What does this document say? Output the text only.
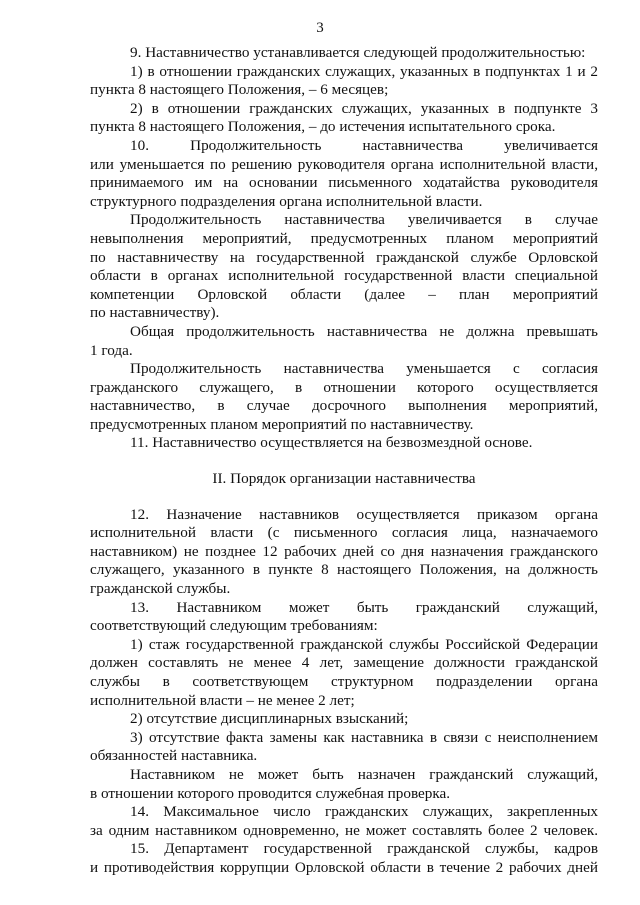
3
9. Наставничество устанавливается следующей продолжительностью:
1) в отношении гражданских служащих, указанных в подпунктах 1 и 2
пункта 8 настоящего Положения, – 6 месяцев;
2) в отношении гражданских служащих, указанных в подпункте 3
пункта 8 настоящего Положения, – до истечения испытательного срока.
10. Продолжительность наставничества увеличивается
или уменьшается по решению руководителя органа исполнительной власти,
принимаемого им на основании письменного ходатайства руководителя
структурного подразделения органа исполнительной власти.
Продолжительность наставничества увеличивается в случае
невыполнения мероприятий, предусмотренных планом мероприятий
по наставничеству на государственной гражданской службе Орловской
области в органах исполнительной государственной власти специальной
компетенции Орловской области (далее – план мероприятий
по наставничеству).
Общая продолжительность наставничества не должна превышать
1 года.
Продолжительность наставничества уменьшается с согласия
гражданского служащего, в отношении которого осуществляется
наставничество, в случае досрочного выполнения мероприятий,
предусмотренных планом мероприятий по наставничеству.
11. Наставничество осуществляется на безвозмездной основе.
II. Порядок организации наставничества
12. Назначение наставников осуществляется приказом органа
исполнительной власти (с письменного согласия лица, назначаемого
наставником) не позднее 12 рабочих дней со дня назначения гражданского
служащего, указанного в пункте 8 настоящего Положения, на должность
гражданской службы.
13. Наставником может быть гражданский служащий,
соответствующий следующим требованиям:
1) стаж государственной гражданской службы Российской Федерации
должен составлять не менее 4 лет, замещение должности гражданской
службы в соответствующем структурном подразделении органа
исполнительной власти – не менее 2 лет;
2) отсутствие дисциплинарных взысканий;
3) отсутствие факта замены как наставника в связи с неисполнением
обязанностей наставника.
Наставником не может быть назначен гражданский служащий,
в отношении которого проводится служебная проверка.
14. Максимальное число гражданских служащих, закрепленных
за одним наставником одновременно, не может составлять более 2 человек.
15. Департамент государственной гражданской службы, кадров
и противодействия коррупции Орловской области в течение 2 рабочих дней
